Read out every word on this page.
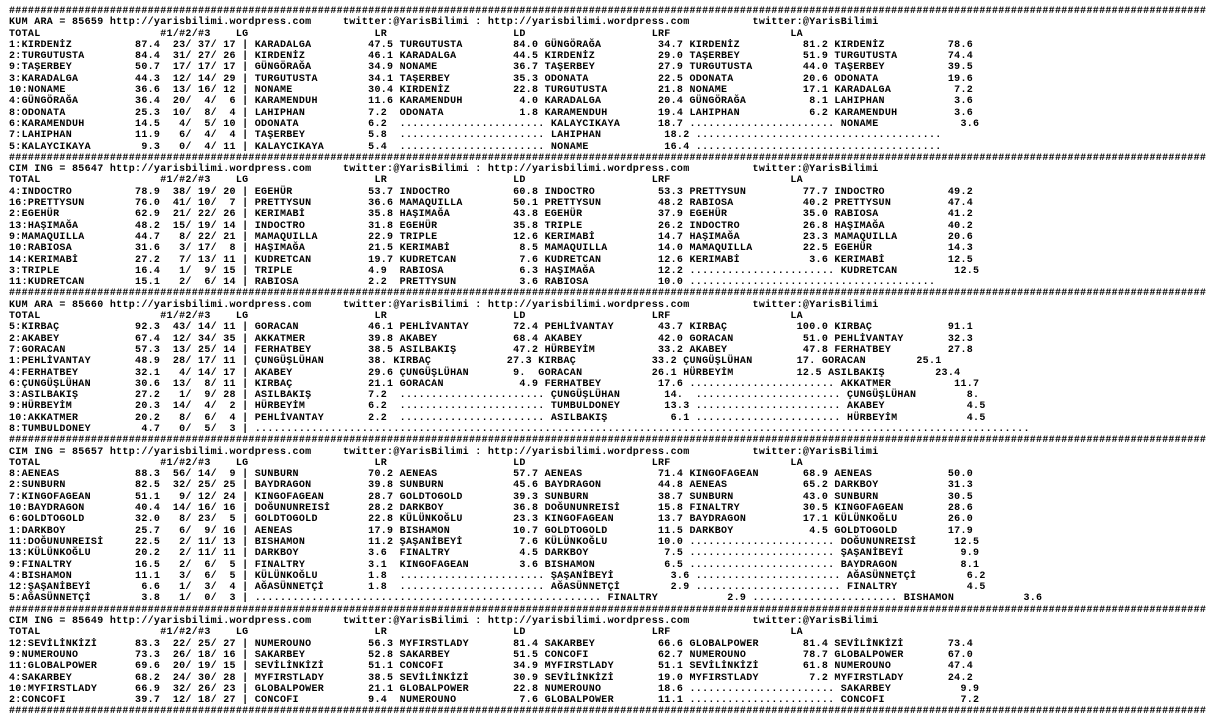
##############################################################################################################################################################################################
KUM ARA = 85659 http://yarisbilimi.wordpress.com     twitter:@YarisBilimi : http://yarisbilimi.wordpress.com          twitter:@YarisBilimi
TOTAL                   #1/#2/#3    LG                    LR                    LD                    LRF                   LA
1:KIRDENİZ          87.4  23/ 37/ 17 | KARADALGA         47.5 TURGUTUSTA        84.0 GÜNGÖRAĞA         34.7 KIRDENİZ          81.2 KIRDENİZ          78.6
2:TURGUTUSTA        84.4  31/ 27/ 26 | KIRDENİZ          46.1 KARADALGA         44.5 KIRDENİZ          29.0 TAŞERBEY          51.9 TURGUTUSTA        74.4
9:TAŞERBEY          50.7  17/ 17/ 17 | GÜNGÖRAĞA         34.9 NONAME            36.7 TAŞERBEY          27.9 TURGUTUSTA        44.0 TAŞERBEY          39.5
3:KARADALGA         44.3  12/ 14/ 29 | TURGUTUSTA        34.1 TAŞERBEY          35.3 ODONATA           22.5 ODONATA           20.6 ODONATA           19.6
10:NONAME           36.6  13/ 16/ 12 | NONAME            30.4 KIRDENİZ          22.8 TURGUTUSTA        21.8 NONAME            17.1 KARADALGA          7.2
4:GÜNGÖRAĞA         36.4  20/  4/  6 | KARAMENDUH        11.6 KARAMENDUH         4.0 KARADALGA         20.4 GÜNGÖRAĞA          8.1 LAHIPHAN           3.6
8:ODONATA           25.3  10/  8/  4 | LAHIPHAN          7.2  ODONATA            1.8 KARAMENDUH        19.4 LAHIPHAN           6.2 KARAMENDUH         3.6
6:KARAMENDUH        14.5   4/  5/ 10 | ODONATA           6.2  ....................... KALAYCIKAYA      18.7 ....................... NONAME             3.6
7:LAHIPHAN          11.9   6/  4/  4 | TAŞERBEY          5.8  ....................... LAHIPHAN          18.2 .......................................
5:KALAYCIKAYA        9.3   0/  4/ 11 | KALAYCIKAYA       5.4  ....................... NONAME            16.4 .......................................
##############################################################################################################################################################################################
CIM ING = 85647 http://yarisbilimi.wordpress.com     twitter:@YarisBilimi : http://yarisbilimi.wordpress.com          twitter:@YarisBilimi
TOTAL                   #1/#2/#3    LG                    LR                    LD                    LRF                   LA
4:INDOCTRO          78.9  38/ 19/ 20 | EGEHÜR            53.7 INDOCTRO          60.8 INDOCTRO          53.3 PRETTYSUN         77.7 INDOCTRO          49.2
16:PRETTYSUN        76.0  41/ 10/  7 | PRETTYSUN         36.6 MAMAQUILLA        50.1 PRETTYSUN         48.2 RABIOSA           40.2 PRETTYSUN         47.4
2:EGEHÜR            62.9  21/ 22/ 26 | KERIMABİ          35.8 HAŞIMAĞA          43.8 EGEHÜR            37.9 EGEHÜR            35.0 RABIOSA           41.2
13:HAŞIMAĞA         48.2  15/ 19/ 14 | INDOCTRO          31.8 EGEHÜR            35.8 TRIPLE            26.2 INDOCTRO          26.8 HAŞIMAĞA          40.2
9:MAMAQUILLA        44.7   8/ 22/ 21 | MAMAQUILLA        22.9 TRIPLE            12.6 KERIMABİ          14.7 HAŞIMAĞA          23.3 MAMAQUILLA        20.6
10:RABIOSA          31.6   3/ 17/  8 | HAŞIMAĞA          21.5 KERIMABİ           8.5 MAMAQUILLA        14.0 MAMAQUILLA        22.5 EGEHÜR            14.3
14:KERIMABİ         27.2   7/ 13/ 11 | KUDRETCAN         19.7 KUDRETCAN          7.6 KUDRETCAN         12.6 KERIMABİ           3.6 KERIMABİ          12.5
3:TRIPLE            16.4   1/  9/ 15 | TRIPLE            4.9  RABIOSA            6.3 HAŞIMAĞA          12.2 ....................... KUDRETCAN         12.5
11:KUDRETCAN        15.1   2/  6/ 14 | RABIOSA           2.2  PRETTYSUN          3.6 RABIOSA           10.0 .......................................
##############################################################################################################################################################################################
KUM ARA = 85660 http://yarisbilimi.wordpress.com     twitter:@YarisBilimi : http://yarisbilimi.wordpress.com          twitter:@YarisBilimi
TOTAL                   #1/#2/#3    LG                    LR                    LD                    LRF                   LA
5:KIRBAÇ            92.3  43/ 14/ 11 | GORACAN           46.1 PEHLİVANTAY       72.4 PEHLİVANTAY       43.7 KIRBAÇ           100.0 KIRBAÇ            91.1
2:AKABEY            67.4  12/ 34/ 35 | AKKATMER          39.8 AKABEY            68.4 AKABEY            42.0 GORACAN           51.0 PEHLİVANTAY       32.3
7:GORACAN           57.3  13/ 25/ 14 | FERHATBEY         38.5 ASILBAKIŞ         47.2 HÜRBEYİM          33.2 AKABEY            47.8 FERHATBEY         27.8
1:PEHLİVANTAY       48.9  28/ 17/ 11 | ÇUNGÜŞLÜHAN       38. KIRBAÇ            27.3 KIRBAÇ            33.2 ÇUNGÜŞLÜHAN       17. GORACAN        25.1
4:FERHATBEY         32.1   4/ 14/ 17 | AKABEY            29.6 ÇUNGÜŞLÜHAN       9.  GORACAN           26.1 HÜRBEYİM          12.5 ASILBAKIŞ        23.4
6:ÇUNGÜŞLÜHAN       30.6  13/  8/ 11 | KIRBAÇ            21.1 GORACAN            4.9 FERHATBEY         17.6 ....................... AKKATMER          11.7
3:ASILBAKIŞ         27.2   1/  9/ 28 | ASILBAKIŞ         7.2  ....................... ÇUNGÜŞLÜHAN       14.  ....................... ÇUNGÜŞLÜHAN        8.
9:HÜRBEYİM          20.3  14/  4/  2 | HÜRBEYİM          6.2  ....................... TUMBULDONEY       13.3 ....................... AKABEY             4.5
10:AKKATMER         20.2   8/  6/  4 | PEHLİVANTAY       2.2  ....................... ASILBAKIŞ          6.1 ....................... HÜRBEYİM           4.5
8:TUMBULDONEY        4.7   0/  5/  3 | ...........................................................................................................................
##############################################################################################################################################################################################
CIM ING = 85657 http://yarisbilimi.wordpress.com     twitter:@YarisBilimi : http://yarisbilimi.wordpress.com          twitter:@YarisBilimi
TOTAL                   #1/#2/#3    LG                    LR                    LD                    LRF                   LA
8:AENEAS            88.3  56/ 14/  9 | SUNBURN           70.2 AENEAS            57.7 AENEAS            71.4 KINGOFAGEAN       68.9 AENEAS            50.0
2:SUNBURN           82.5  32/ 25/ 25 | BAYDRAGON         39.8 SUNBURN           45.6 BAYDRAGON         44.8 AENEAS            65.2 DARKBOY           31.3
7:KINGOFAGEAN       51.1   9/ 12/ 24 | KINGOFAGEAN       28.7 GOLDTOGOLD        39.3 SUNBURN           38.7 SUNBURN           43.0 SUNBURN           30.5
10:BAYDRAGON        40.4  14/ 16/ 16 | DOĞUNUNREISİ      28.2 DARKBOY           36.8 DOĞUNUNREISİ      15.8 FINALTRY          30.5 KINGOFAGEAN       28.6
6:GOLDTOGOLD        32.0   8/ 23/  5 | GOLDTOGOLD        22.8 KÜLÜNKOĞLU        23.3 KINGOFAGEAN       13.7 BAYDRAGON         17.1 KÜLÜNKOĞLU        26.0
1:DARKBOY           25.7   6/  9/ 16 | AENEAS            17.9 BISHAMON          10.7 GOLDTOGOLD        11.5 DARKBOY            4.5 GOLDTOGOLD        17.9
11:DOĞUNUNREISİ     22.5   2/ 11/ 13 | BISHAMON          11.2 ŞAŞANİBEYİ         7.6 KÜLÜNKOĞLU        10.0 ....................... DOĞUNUNREISİ      12.5
13:KÜLÜNKOĞLU       20.2   2/ 11/ 11 | DARKBOY           3.6  FINALTRY           4.5 DARKBOY            7.5 ....................... ŞAŞANİBEYİ         9.9
9:FINALTRY          16.5   2/  6/  5 | FINALTRY          3.1  KINGOFAGEAN        3.6 BISHAMON           6.5 ....................... BAYDRAGON          8.1
4:BISHAMON          11.1   3/  6/  5 | KÜLÜNKOĞLU        1.8  ....................... ŞAŞANİBEYİ         3.6 ....................... AĞASÜNNETÇİ        6.2
12:ŞAŞANİBEYİ        6.6   1/  3/  4 | AĞASÜNNETÇİ       1.8  ....................... AĞASÜNNETÇİ        2.9 ....................... FINALTRY           4.5
5:AĞASÜNNETÇİ        3.8   1/  0/  3 | ....................................................... FINALTRY           2.9 ....................... BISHAMON           3.6
##############################################################################################################################################################################################
CIM ING = 85649 http://yarisbilimi.wordpress.com     twitter:@YarisBilimi : http://yarisbilimi.wordpress.com          twitter:@YarisBilimi
TOTAL                   #1/#2/#3    LG                    LR                    LD                    LRF                   LA
12:SEVİLİNKİZİ      83.3  22/ 25/ 27 | NUMEROUNO         56.3 MYFIRSTLADY       81.4 SAKARBEY          66.6 GLOBALPOWER       81.4 SEVİLİNKİZİ       73.4
9:NUMEROUNO         73.3  26/ 18/ 16 | SAKARBEY          52.8 SAKARBEY          51.5 CONCOFI           62.7 NUMEROUNO         78.7 GLOBALPOWER       67.0
11:GLOBALPOWER      69.6  20/ 19/ 15 | SEVİLİNKİZİ       51.1 CONCOFI           34.9 MYFIRSTLADY       51.1 SEVİLİNKİZİ       61.8 NUMEROUNO         47.4
4:SAKARBEY          68.2  24/ 30/ 28 | MYFIRSTLADY       38.5 SEVİLİNKİZİ       30.9 SEVİLİNKİZİ       19.0 MYFIRSTLADY        7.2 MYFIRSTLADY       24.2
10:MYFIRSTLADY      66.9  32/ 26/ 23 | GLOBALPOWER       21.1 GLOBALPOWER       22.8 NUMEROUNO         18.6 ....................... SAKARBEY           9.9
2:CONCOFI           39.7  12/ 18/ 27 | CONCOFI           9.4  NUMEROUNO          7.6 GLOBALPOWER       11.1 ....................... CONCOFI            7.2
##############################################################################################################################################################################################
